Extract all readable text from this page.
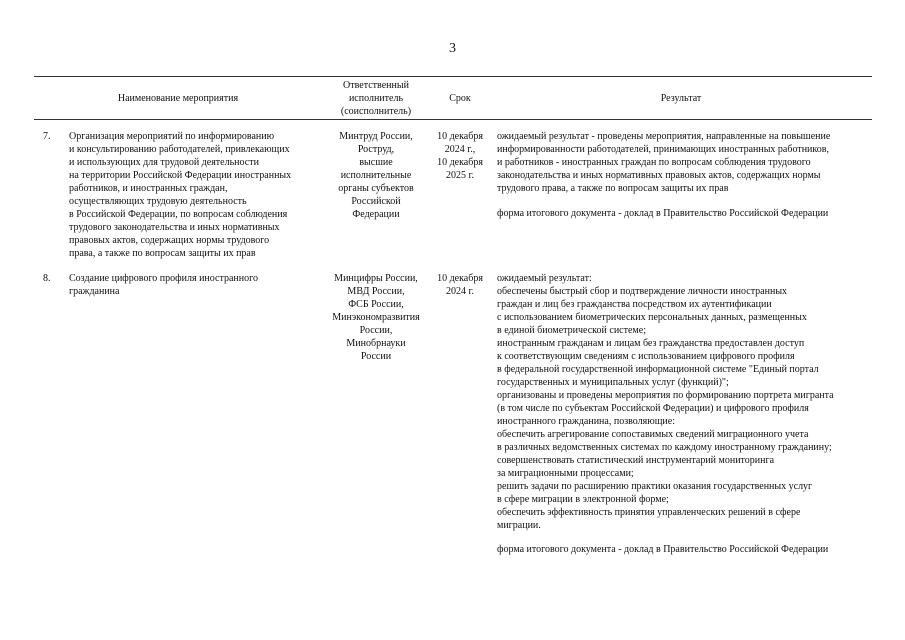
3
Наименование мероприятия
Ответственный
исполнитель
(соисполнитель)
Срок	Результат
7. Организация мероприятий по информированию
и консультированию работодателей, привлекающих
и использующих для трудовой деятельности
на территории Российской Федерации иностранных
работников, и иностранных граждан,
осуществляющих трудовую деятельность
в Российской Федерации, по вопросам соблюдения
трудового законодательства и иных нормативных
правовых актов, содержащих нормы трудового
права, а также по вопросам защиты их прав
Минтруд России,
Роструд,
высшие
исполнительные
органы субъектов
Российской
Федерации
10 декабря
2024 г.,
10 декабря
2025 г.
ожидаемый результат - проведены мероприятия, направленные на повышение
информированности работодателей, принимающих иностранных работников,
и работников - иностранных граждан по вопросам соблюдения трудового
законодательства и иных нормативных правовых актов, содержащих нормы
трудового права, а также по вопросам защиты их прав
форма итогового документа - доклад в Правительство Российской Федерации
8. Создание цифрового профиля иностранного
гражданина
Минцифры России,
МВД России,
ФСБ России,
Минэкономразвития
России,
Минобрнауки
России
10 декабря
2024 г.
ожидаемый результат:
обеспечены быстрый сбор и подтверждение личности иностранных
граждан и лиц без гражданства посредством их аутентификации
с использованием биометрических персональных данных, размещенных
в единой биометрической системе;
иностранным гражданам и лицам без гражданства предоставлен доступ
к соответствующим сведениям с использованием цифрового профиля
в федеральной государственной информационной системе "Единый портал
государственных и муниципальных услуг (функций)";
организованы и проведены мероприятия по формированию портрета мигранта
(в том числе по субъектам Российской Федерации) и цифрового профиля
иностранного гражданина, позволяющие:
обеспечить агрегирование сопоставимых сведений миграционного учета
в различных ведомственных системах по каждому иностранному гражданину;
совершенствовать статистический инструментарий мониторинга
за миграционными процессами;
решить задачи по расширению практики оказания государственных услуг
в сфере миграции в электронной форме;
обеспечить эффективность принятия управленческих решений в сфере
миграции.
форма итогового документа - доклад в Правительство Российской Федерации
